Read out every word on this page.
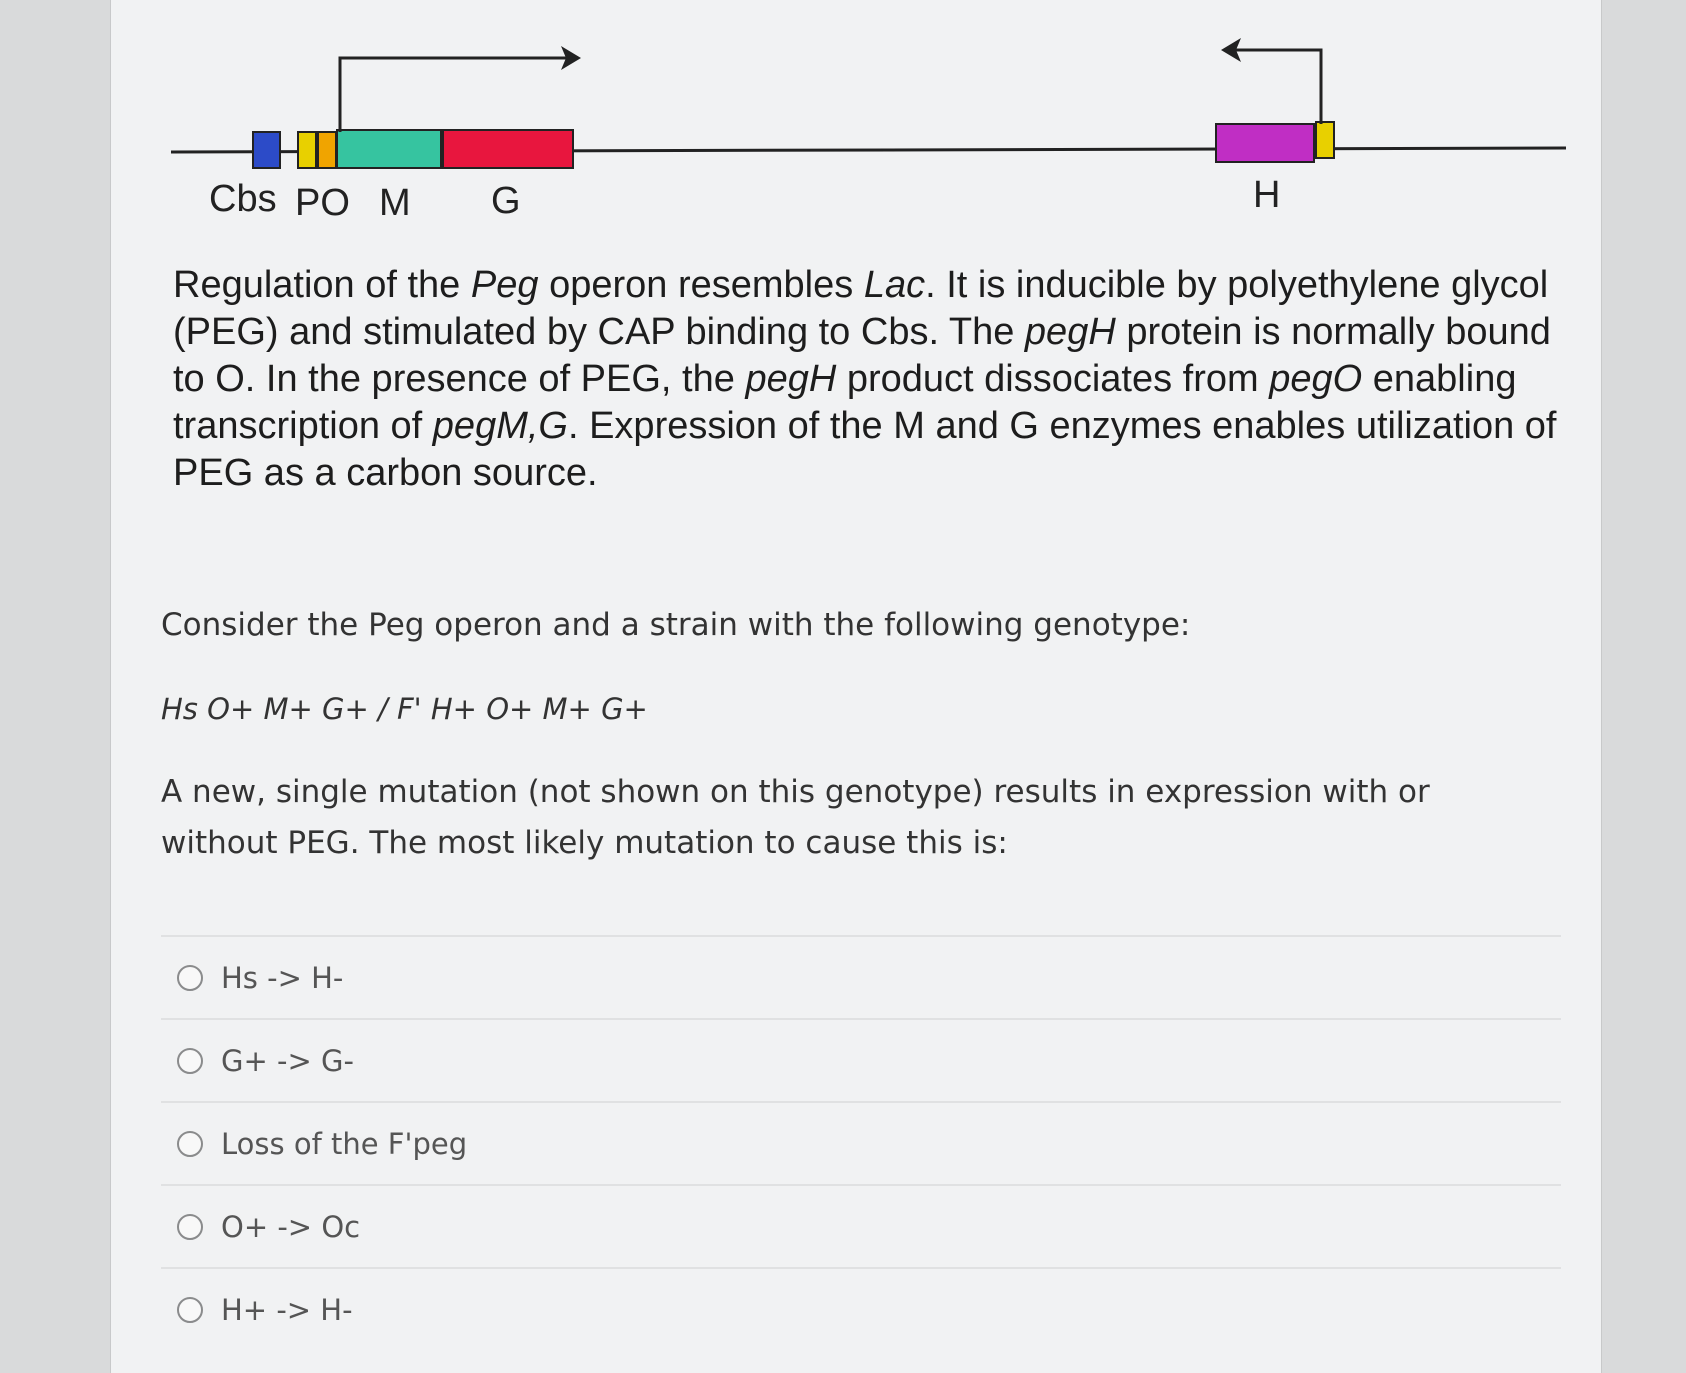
Cbs PO M G	H
Regulation of the Peg operon resembles Lac. It is inducible by polyethylene glycol (PEG) and stimulated by CAP binding to Cbs. The pegH protein is normally bound to O. In the presence of PEG, the pegH product dissociates from pegO enabling transcription of pegM,G. Expression of the M and G enzymes enables utilization of PEG as a carbon source.

Consider the Peg operon and a strain with the following genotype:

Hs O+ M+ G+ / F' H+ O+ M+ G+
A new, single mutation (not shown on this genotype) results in expression with or without PEG. The most likely mutation to cause this is:
Hs -> H-
G+ -> G-
Loss of the F'peg
O+ -> Oc
H+ -> H-
